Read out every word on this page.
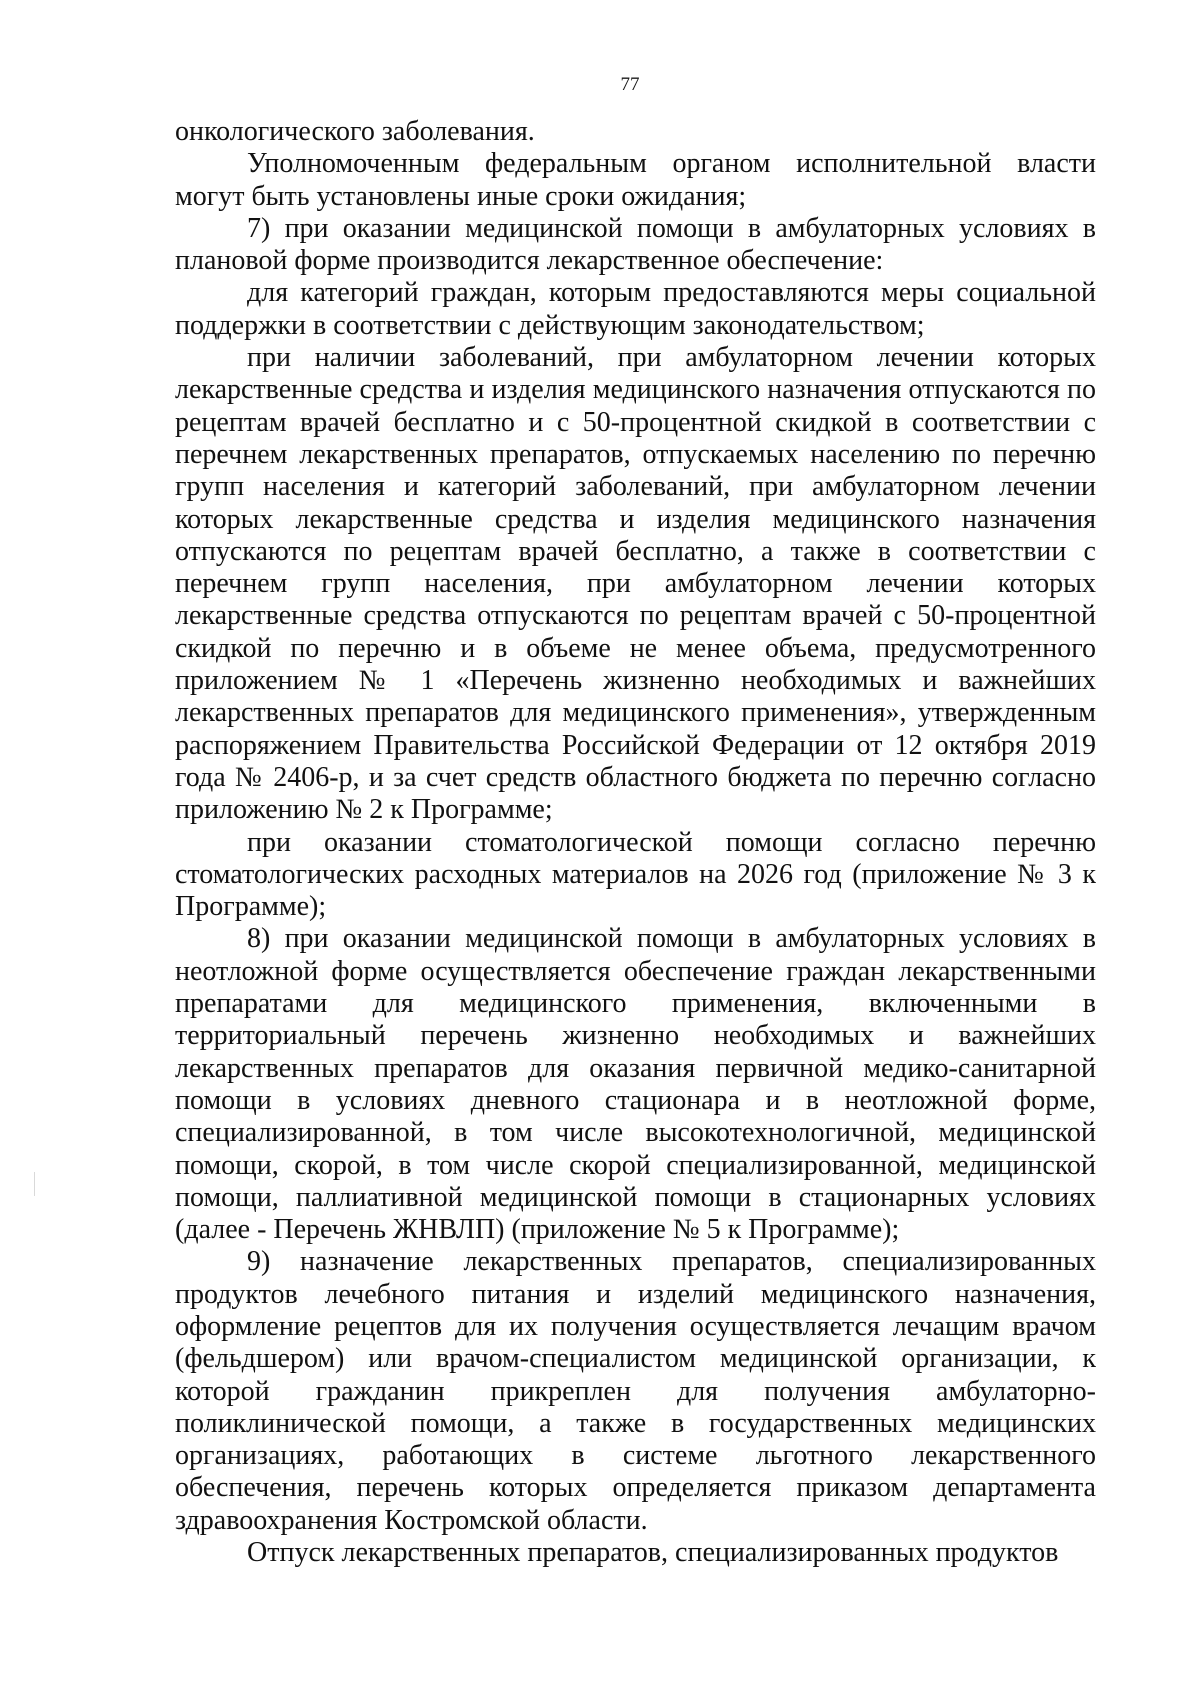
77

онкологического заболевания.

Уполномоченным федеральным органом исполнительной власти могут быть установлены иные сроки ожидания;

7) при оказании медицинской помощи в амбулаторных условиях в плановой форме производится лекарственное обеспечение:

для категорий граждан, которым предоставляются меры социальной поддержки в соответствии с действующим законодательством;

при наличии заболеваний, при амбулаторном лечении которых лекарственные средства и изделия медицинского назначения отпускаются по рецептам врачей бесплатно и с 50-процентной скидкой в соответствии с перечнем лекарственных препаратов, отпускаемых населению по перечню групп населения и категорий заболеваний, при амбулаторном лечении которых лекарственные средства и изделия медицинского назначения отпускаются по рецептам врачей бесплатно, а также в соответствии с перечнем групп населения, при амбулаторном лечении которых лекарственные средства отпускаются по рецептам врачей с 50-процентной скидкой по перечню и в объеме не менее объема, предусмотренного приложением № 1 «Перечень жизненно необходимых и важнейших лекарственных препаратов для медицинского применения», утвержденным распоряжением Правительства Российской Федерации от 12 октября 2019 года № 2406-р, и за счет средств областного бюджета по перечню согласно приложению № 2 к Программе;

при оказании стоматологической помощи согласно перечню стоматологических расходных материалов на 2026 год (приложение № 3 к Программе);

8) при оказании медицинской помощи в амбулаторных условиях в неотложной форме осуществляется обеспечение граждан лекарственными препаратами для медицинского применения, включенными в территориальный перечень жизненно необходимых и важнейших лекарственных препаратов для оказания первичной медико-санитарной помощи в условиях дневного стационара и в неотложной форме, специализированной, в том числе высокотехнологичной, медицинской помощи, скорой, в том числе скорой специализированной, медицинской помощи, паллиативной медицинской помощи в стационарных условиях (далее - Перечень ЖНВЛП) (приложение № 5 к Программе);

9) назначение лекарственных препаратов, специализированных продуктов лечебного питания и изделий медицинского назначения, оформление рецептов для их получения осуществляется лечащим врачом (фельдшером) или врачом-специалистом медицинской организации, к которой гражданин прикреплен для получения амбулаторно-поликлинической помощи, а также в государственных медицинских организациях, работающих в системе льготного лекарственного обеспечения, перечень которых определяется приказом департамента здравоохранения Костромской области.

Отпуск лекарственных препаратов, специализированных продуктов
